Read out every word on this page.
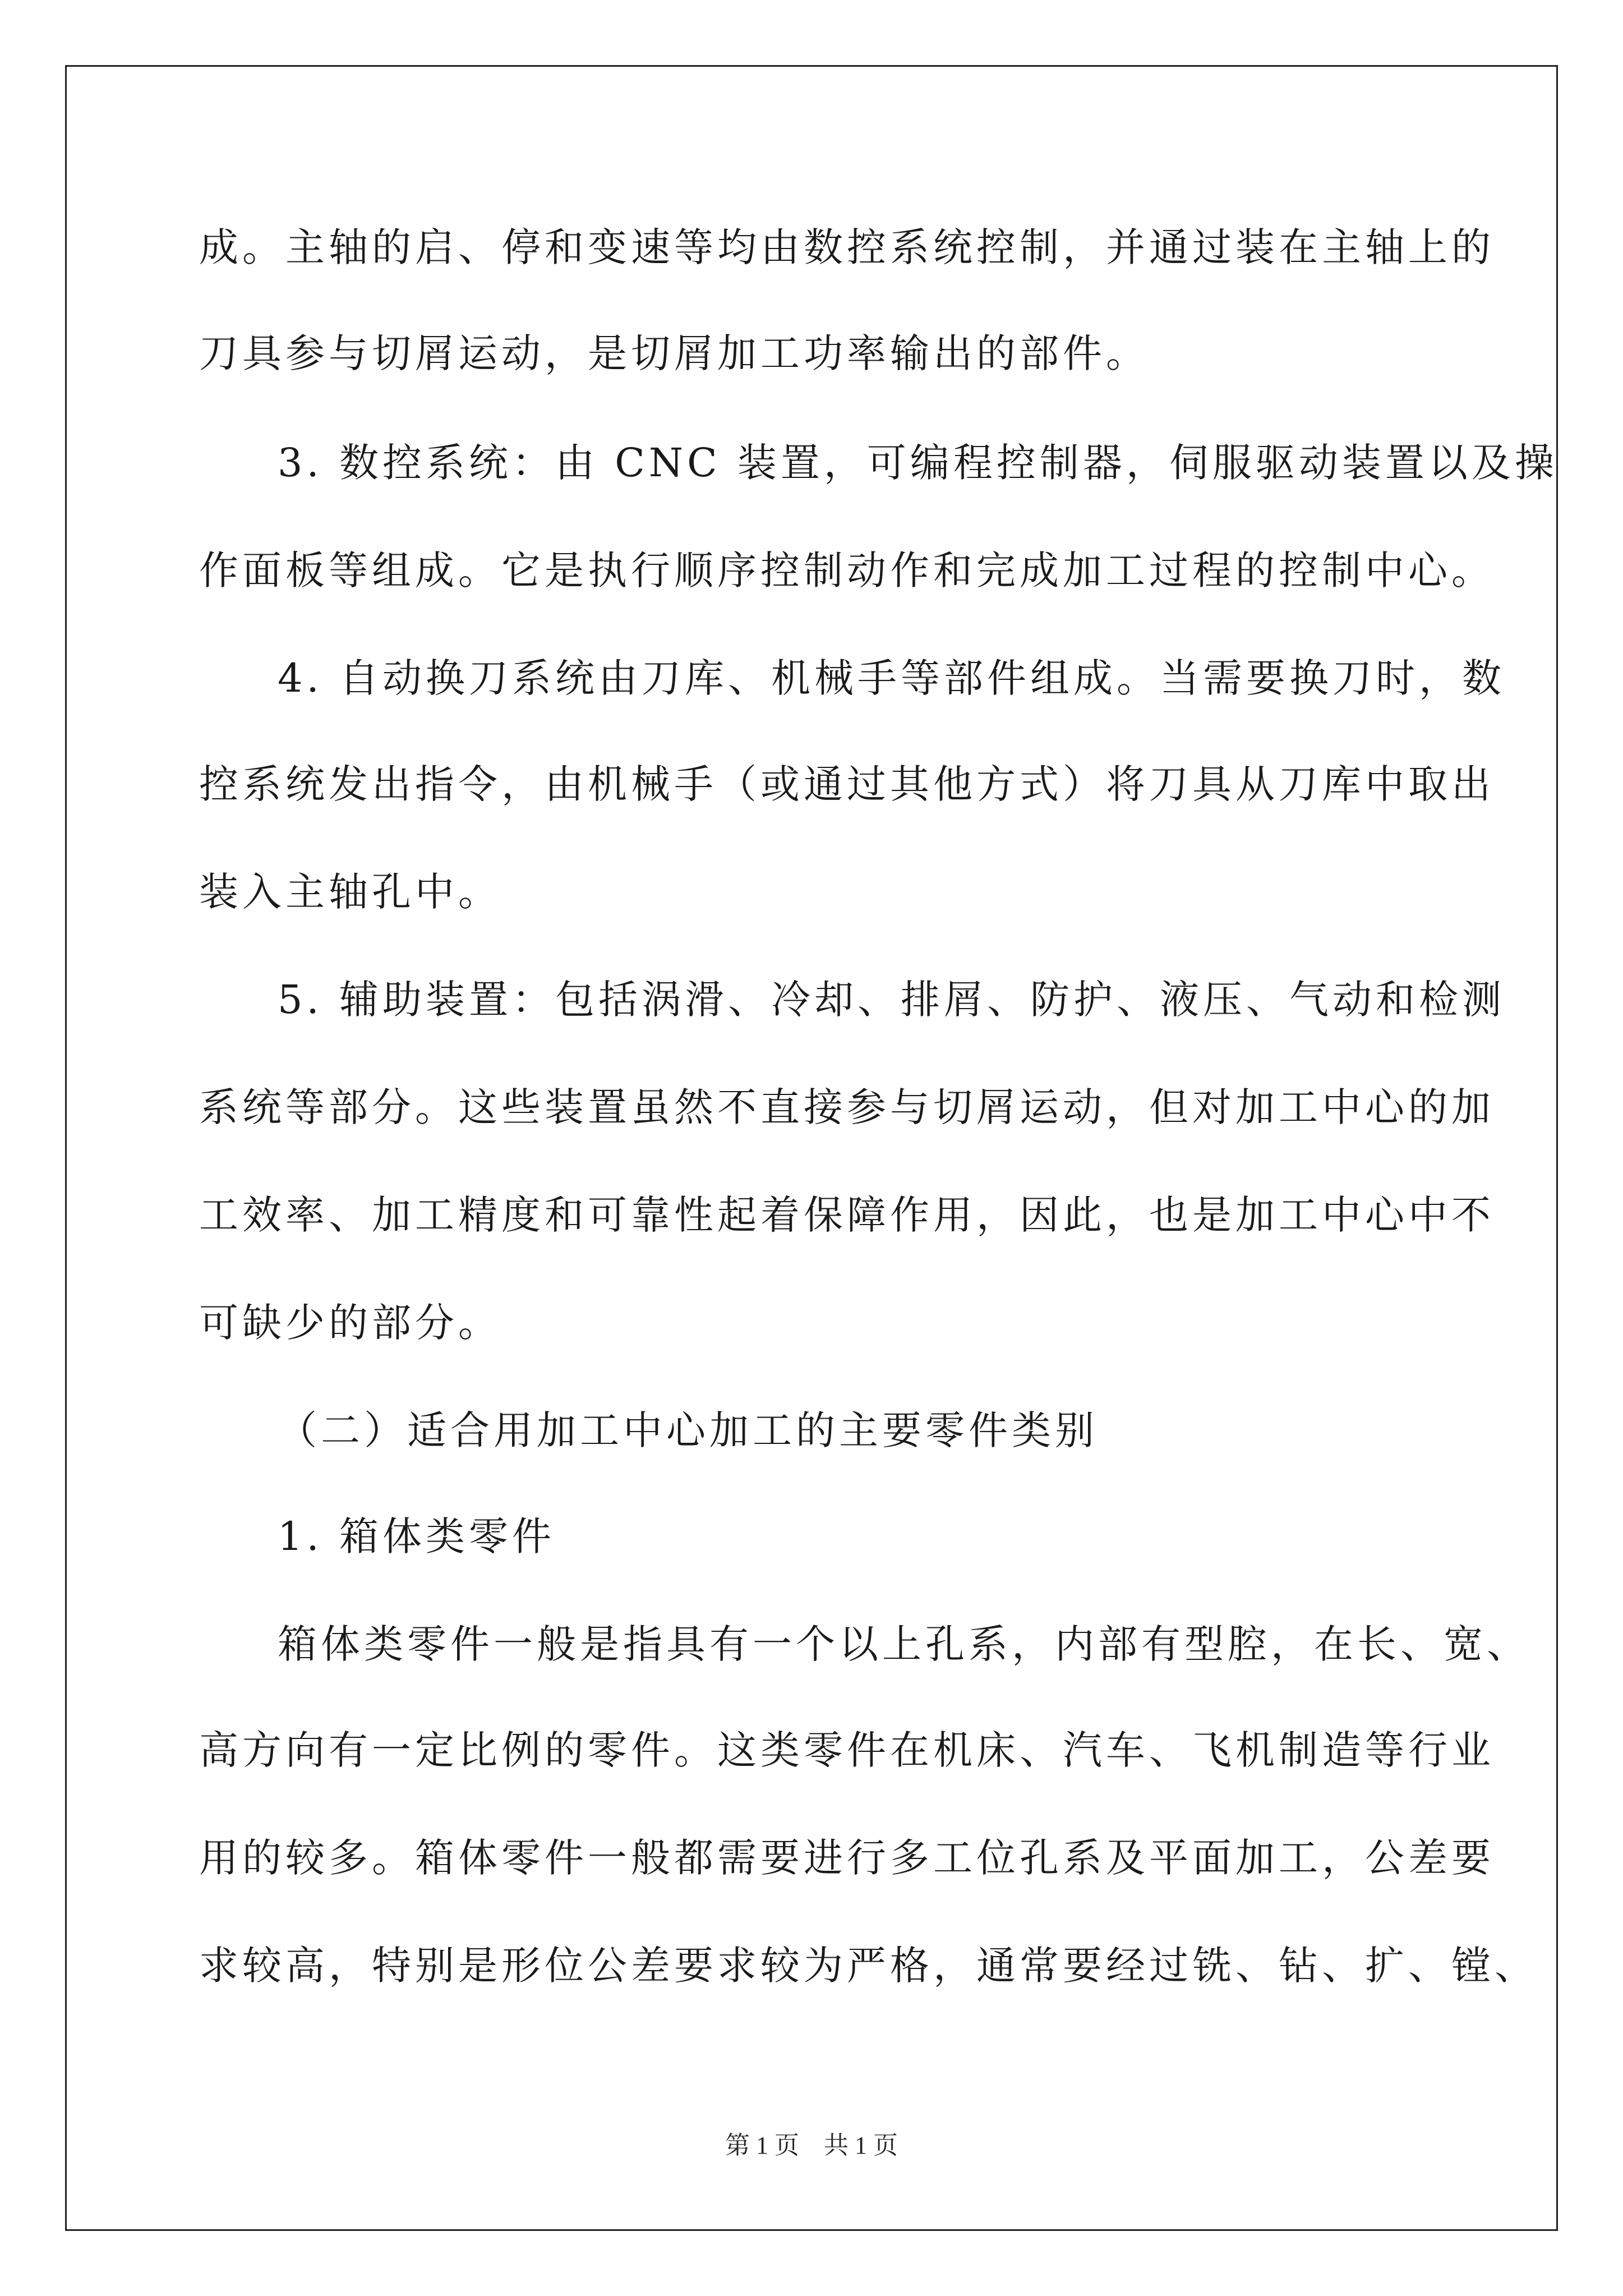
成。主轴的启、停和变速等均由数控系统控制，并通过装在主轴上的
刀具参与切屑运动，是切屑加工功率输出的部件。
3. 数控系统：由 CNC 装置，可编程控制器，伺服驱动装置以及操
作面板等组成。它是执行顺序控制动作和完成加工过程的控制中心。
4. 自动换刀系统由刀库、机械手等部件组成。当需要换刀时，数
控系统发出指令，由机械手（或通过其他方式）将刀具从刀库中取出
装入主轴孔中。
5. 辅助装置：包括涡滑、冷却、排屑、防护、液压、气动和检测
系统等部分。这些装置虽然不直接参与切屑运动，但对加工中心的加
工效率、加工精度和可靠性起着保障作用，因此，也是加工中心中不
可缺少的部分。
（二）适合用加工中心加工的主要零件类别
1. 箱体类零件
箱体类零件一般是指具有一个以上孔系，内部有型腔，在长、宽、
高方向有一定比例的零件。这类零件在机床、汽车、飞机制造等行业
用的较多。箱体零件一般都需要进行多工位孔系及平面加工，公差要
求较高，特别是形位公差要求较为严格，通常要经过铣、钻、扩、镗、
第 1 页    共 1 页
